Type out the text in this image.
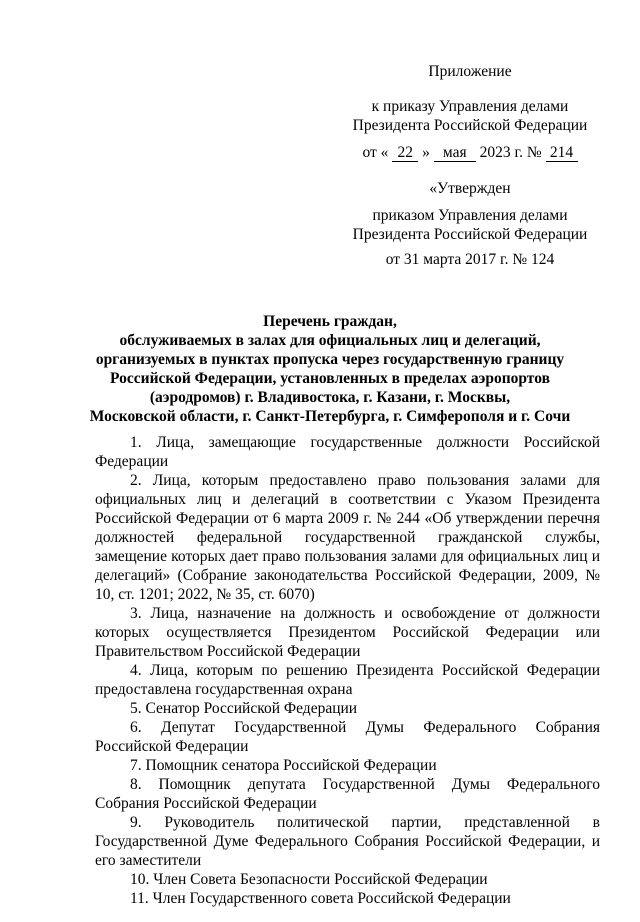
Приложение
к приказу Управления делами
Президента Российской Федерации
от « 22 » мая 2023 г. № 214
«Утвержден
приказом Управления делами
Президента Российской Федерации
от 31 марта 2017 г. № 124
Перечень граждан,
обслуживаемых в залах для официальных лиц и делегаций,
организуемых в пунктах пропуска через государственную границу
Российской Федерации, установленных в пределах аэропортов
(аэродромов) г. Владивостока, г. Казани, г. Москвы,
Московской области, г. Санкт-Петербурга, г. Симферополя и г. Сочи

1. Лица, замещающие государственные должности Российской Федерации

2. Лица, которым предоставлено право пользования залами для официальных лиц и делегаций в соответствии с Указом Президента Российской Федерации от 6 марта 2009 г. № 244 «Об утверждении перечня должностей федеральной государственной гражданской службы, замещение которых дает право пользования залами для официальных лиц и делегаций» (Собрание законодательства Российской Федерации, 2009, № 10, ст. 1201; 2022, № 35, ст. 6070)

3. Лица, назначение на должность и освобождение от должности которых осуществляется Президентом Российской Федерации или Правительством Российской Федерации

4. Лица, которым по решению Президента Российской Федерации предоставлена государственная охрана

5. Сенатор Российской Федерации

6. Депутат Государственной Думы Федерального Собрания Российской Федерации

7. Помощник сенатора Российской Федерации

8. Помощник депутата Государственной Думы Федерального Собрания Российской Федерации

9. Руководитель политической партии, представленной в Государственной Думе Федерального Собрания Российской Федерации, и его заместители

10. Член Совета Безопасности Российской Федерации

11. Член Государственного совета Российской Федерации
